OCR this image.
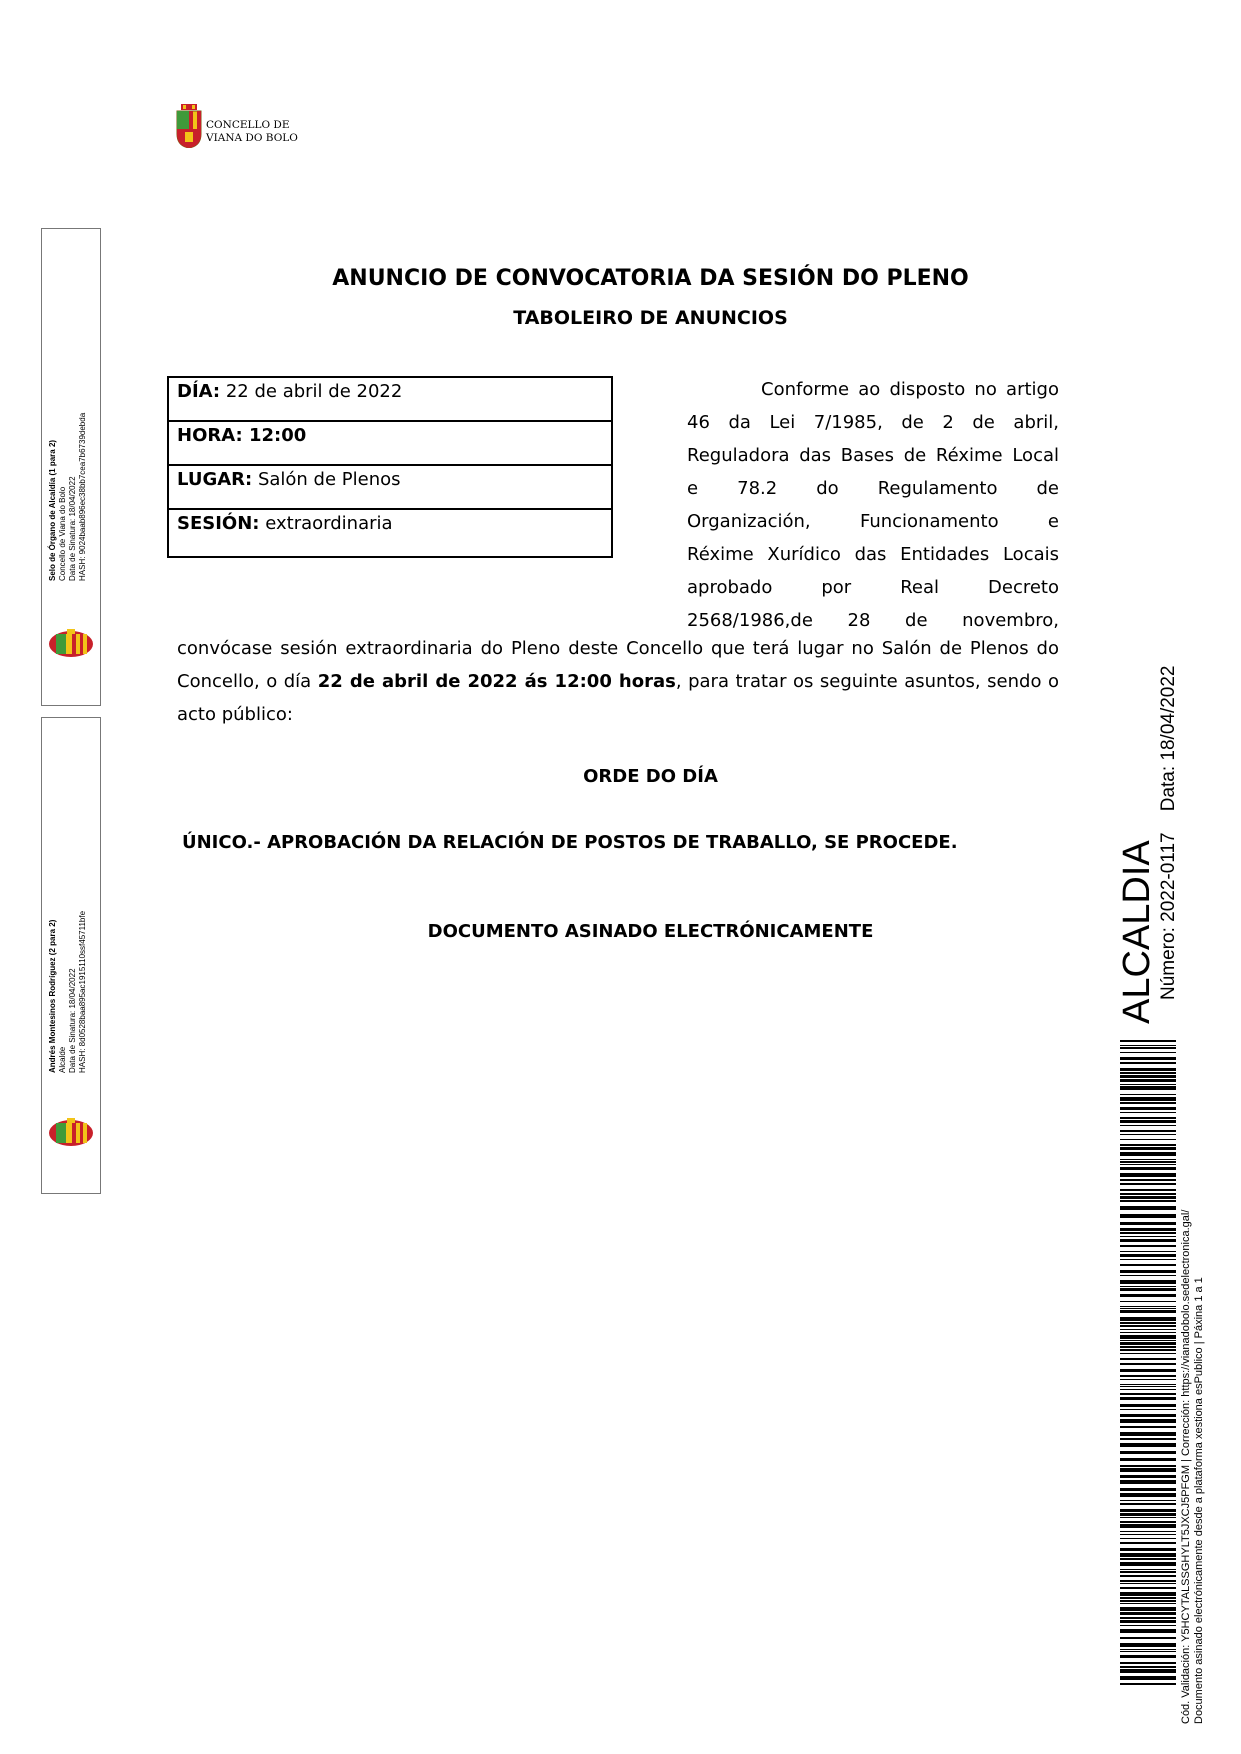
CONCELLO DE
VIANA DO BOLO
ANUNCIO DE CONVOCATORIA DA SESIÓN DO PLENO
TABOLEIRO DE ANUNCIOS
DÍA: 22 de abril de 2022
HORA: 12:00
LUGAR: Salón de Plenos
SESIÓN: extraordinaria
Conforme ao disposto no artigo
46 da Lei 7/1985, de 2 de abril,
Reguladora das Bases de Réxime Local
e 78.2 do Regulamento de
Organización, Funcionamento e
Réxime Xurídico das Entidades Locais
aprobado por Real Decreto
2568/1986,de 28 de novembro,
convócase sesión extraordinaria do Pleno deste Concello que terá lugar no Salón de Plenos do Concello, o día 22 de abril de 2022 ás 12:00 horas, para tratar os seguinte asuntos, sendo o acto público:
ORDE DO DÍA
ÚNICO.- APROBACIÓN DA RELACIÓN DE POSTOS DE TRABALLO, SE PROCEDE.
DOCUMENTO ASINADO ELECTRÓNICAMENTE
Selo de Órgano de Alcaldía (1 para 2)
Concello de Viana do Bolo
Data de Sinatura: 18/04/2022
HASH: 9024baab896ec38bb7cea7b6739debda
Andrés Montesinos Rodríguez (2 para 2)
Alcalde
Data de Sinatura: 18/04/2022
HASH: 8d0528baa895ac1915110ssf45711bfe	ALCALDIA Número: 2022-0117    Data: 18/04/2022
Cód. Validación: Y5HCYTALSSGHYLT5JXCJ5PFGM | Corrección: https://vianadobolo.sedelectronica.gal/
Documento asinado electrónicamente desde a plataforma xestiona esPublico | Páxina 1 a 1
